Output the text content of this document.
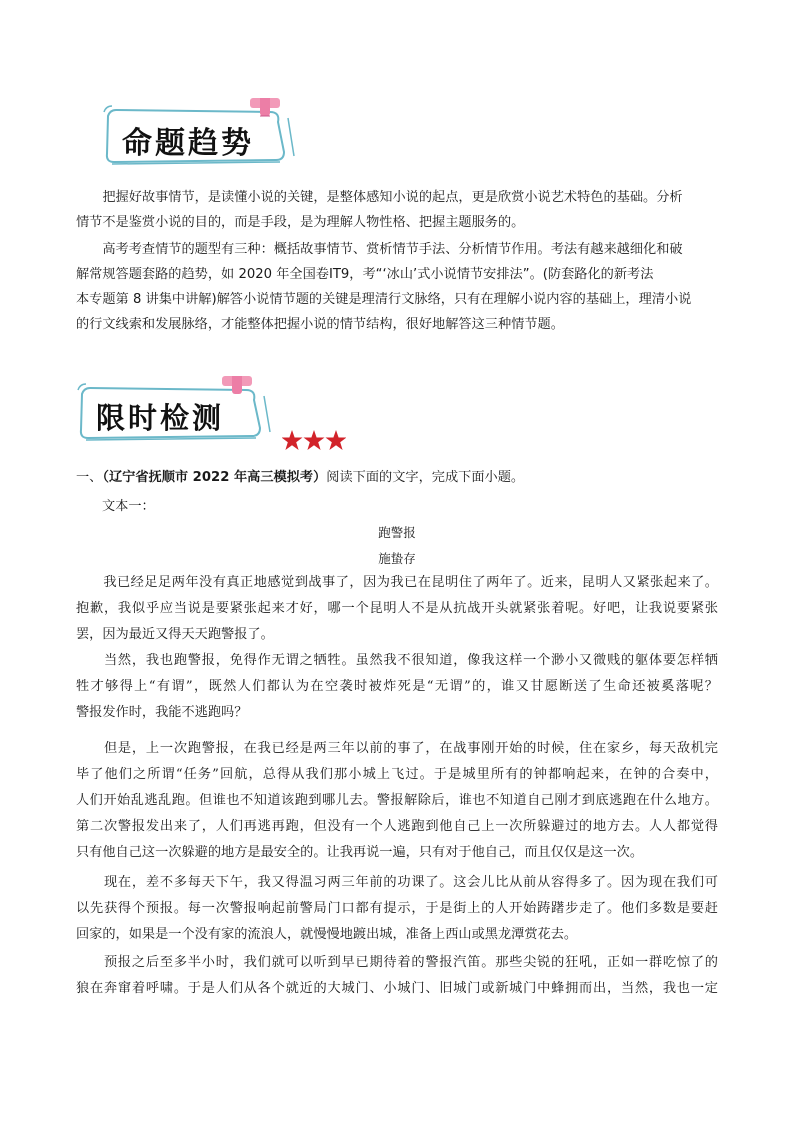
命题趋势
　　把握好故事情节，是读懂小说的关键，是整体感知小说的起点，更是欣赏小说艺术特色的基础。分析
情节不是鉴赏小说的目的，而是手段，是为理解人物性格、把握主题服务的。
　　高考考查情节的题型有三种：概括故事情节、赏析情节手法、分析情节作用。考法有越来越细化和破
解常规答题套路的趋势，如 2020 年全国卷ⅠT9，考“‘冰山’式小说情节安排法”。(防套路化的新考法
本专题第 8 讲集中讲解)解答小说情节题的关键是理清行文脉络，只有在理解小说内容的基础上，理清小说
的行文线索和发展脉络，才能整体把握小说的情节结构，很好地解答这三种情节题。
限时检测
一、（辽宁省抚顺市 2022 年高三模拟考）阅读下面的文字，完成下面小题。
文本一：
跑警报
施蛰存
　　我已经足足两年没有真正地感觉到战事了，因为我已在昆明住了两年了。近来，昆明人又紧张起来了。
抱歉，我似乎应当说是要紧张起来才好，哪一个昆明人不是从抗战开头就紧张着呢。好吧，让我说要紧张
罢，因为最近又得天天跑警报了。
　　当然，我也跑警报，免得作无谓之牺牲。虽然我不很知道，像我这样一个渺小又微贱的躯体要怎样牺
牲才够得上“有谓”，既然人们都认为在空袭时被炸死是“无谓”的，谁又甘愿断送了生命还被奚落呢？
警报发作时，我能不逃跑吗？
　　但是，上一次跑警报，在我已经是两三年以前的事了，在战事刚开始的时候，住在家乡，每天敌机完
毕了他们之所谓“任务”回航，总得从我们那小城上飞过。于是城里所有的钟都响起来，在钟的合奏中，
人们开始乱逃乱跑。但谁也不知道该跑到哪儿去。警报解除后，谁也不知道自己刚才到底逃跑在什么地方。
第二次警报发出来了，人们再逃再跑，但没有一个人逃跑到他自己上一次所躲避过的地方去。人人都觉得
只有他自己这一次躲避的地方是最安全的。让我再说一遍，只有对于他自己，而且仅仅是这一次。
　　现在，差不多每天下午，我又得温习两三年前的功课了。这会儿比从前从容得多了。因为现在我们可
以先获得个预报。每一次警报响起前警局门口都有提示，于是街上的人开始踌躇步走了。他们多数是要赶
回家的，如果是一个没有家的流浪人，就慢慢地踱出城，准备上西山或黑龙潭赏花去。
　　预报之后至多半小时，我们就可以听到早已期待着的警报汽笛。那些尖锐的狂吼，正如一群吃惊了的
狼在奔窜着呼啸。于是人们从各个就近的大城门、小城门、旧城门或新城门中蜂拥而出，当然，我也一定
